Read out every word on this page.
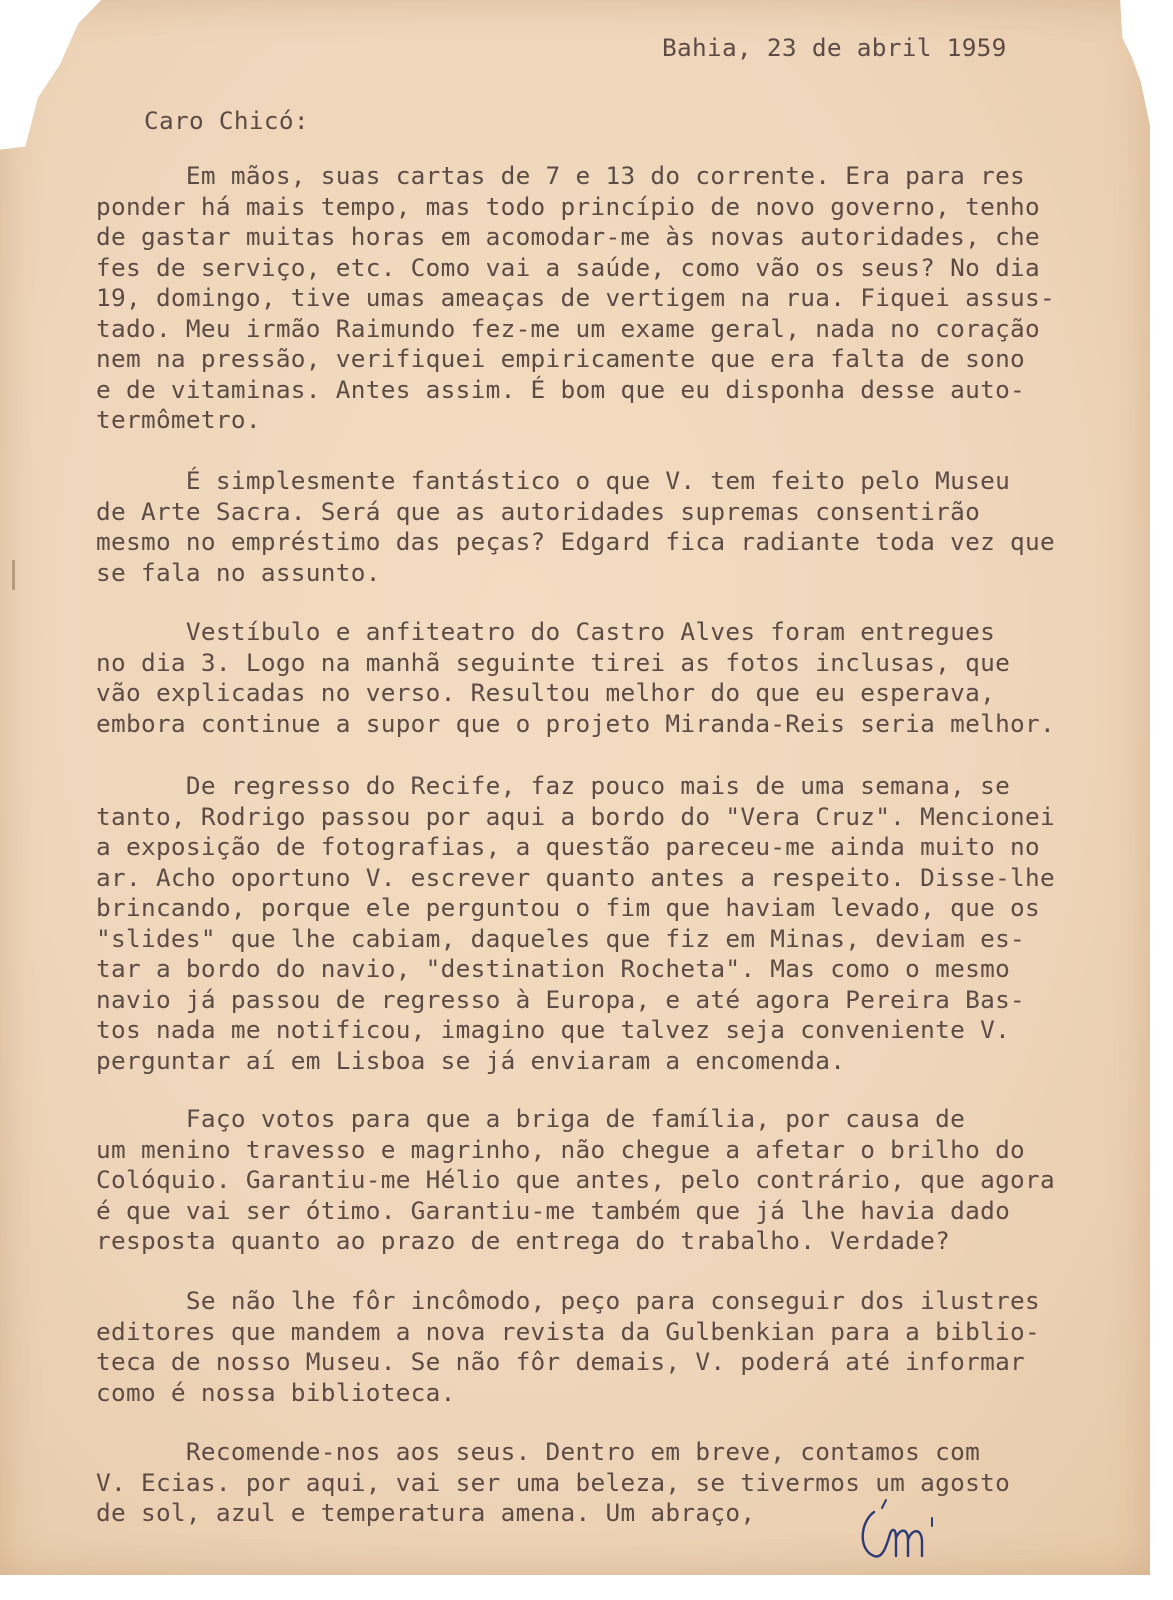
Bahia, 23 de abril 1959
Caro Chicó:
Em mãos, suas cartas de 7 e 13 do corrente. Era para res
ponder há mais tempo, mas todo princípio de novo governo, tenho
de gastar muitas horas em acomodar-me às novas autoridades, che
fes de serviço, etc. Como vai a saúde, como vão os seus? No dia
19, domingo, tive umas ameaças de vertigem na rua. Fiquei assus-
tado. Meu irmão Raimundo fez-me um exame geral, nada no coração
nem na pressão, verifiquei empiricamente que era falta de sono
e de vitaminas. Antes assim. É bom que eu disponha desse auto-
termômetro.
É simplesmente fantástico o que V. tem feito pelo Museu
de Arte Sacra. Será que as autoridades supremas consentirão
mesmo no empréstimo das peças? Edgard fica radiante toda vez que
se fala no assunto.
Vestíbulo e anfiteatro do Castro Alves foram entregues
no dia 3. Logo na manhã seguinte tirei as fotos inclusas, que
vão explicadas no verso. Resultou melhor do que eu esperava,
embora continue a supor que o projeto Miranda-Reis seria melhor.
De regresso do Recife, faz pouco mais de uma semana, se
tanto, Rodrigo passou por aqui a bordo do "Vera Cruz". Mencionei
a exposição de fotografias, a questão pareceu-me ainda muito no
ar. Acho oportuno V. escrever quanto antes a respeito. Disse-lhe
brincando, porque ele perguntou o fim que haviam levado, que os
"slides" que lhe cabiam, daqueles que fiz em Minas, deviam es-
tar a bordo do navio, "destination Rocheta". Mas como o mesmo
navio já passou de regresso à Europa, e até agora Pereira Bas-
tos nada me notificou, imagino que talvez seja conveniente V.
perguntar aí em Lisboa se já enviaram a encomenda.
Faço votos para que a briga de família, por causa de
um menino travesso e magrinho, não chegue a afetar o brilho do
Colóquio. Garantiu-me Hélio que antes, pelo contrário, que agora
é que vai ser ótimo. Garantiu-me também que já lhe havia dado
resposta quanto ao prazo de entrega do trabalho. Verdade?
Se não lhe fôr incômodo, peço para conseguir dos ilustres
editores que mandem a nova revista da Gulbenkian para a biblio-
teca de nosso Museu. Se não fôr demais, V. poderá até informar
como é nossa biblioteca.
Recomende-nos aos seus. Dentro em breve, contamos com
V. Ecias. por aqui, vai ser uma beleza, se tivermos um agosto
de sol, azul e temperatura amena. Um abraço,
